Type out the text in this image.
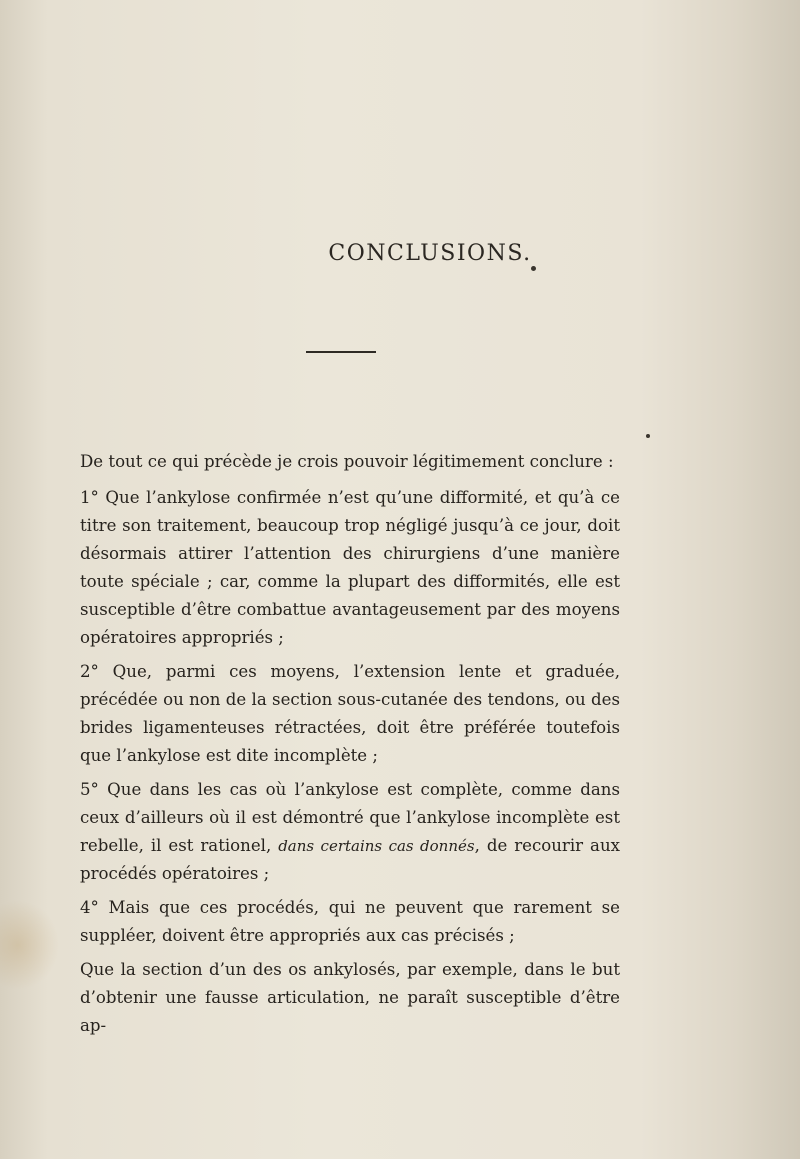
CONCLUSIONS.

De tout ce qui précède je crois pouvoir légitimement conclure :

1° Que l’ankylose confirmée n’est qu’une difformité, et qu’à ce titre son traitement, beaucoup trop négligé jusqu’à ce jour, doit désormais attirer l’attention des chirurgiens d’une manière toute spéciale ; car, comme la plupart des difformités, elle est susceptible d’être combattue avantageusement par des moyens opératoires appropriés ;

2° Que, parmi ces moyens, l’extension lente et graduée, précédée ou non de la section sous-cutanée des tendons, ou des brides ligamenteuses rétractées, doit être préférée toutefois que l’ankylose est dite incomplète ;

5° Que dans les cas où l’ankylose est complète, comme dans ceux d’ailleurs où il est démontré que l’ankylose incomplète est rebelle, il est rationel, dans certains cas donnés, de recourir aux procédés opératoires ;

4° Mais que ces procédés, qui ne peuvent que rarement se suppléer, doivent être appropriés aux cas précisés ;

Que la section d’un des os ankylosés, par exemple, dans le but d’obtenir une fausse articulation, ne paraît susceptible d’être ap-
